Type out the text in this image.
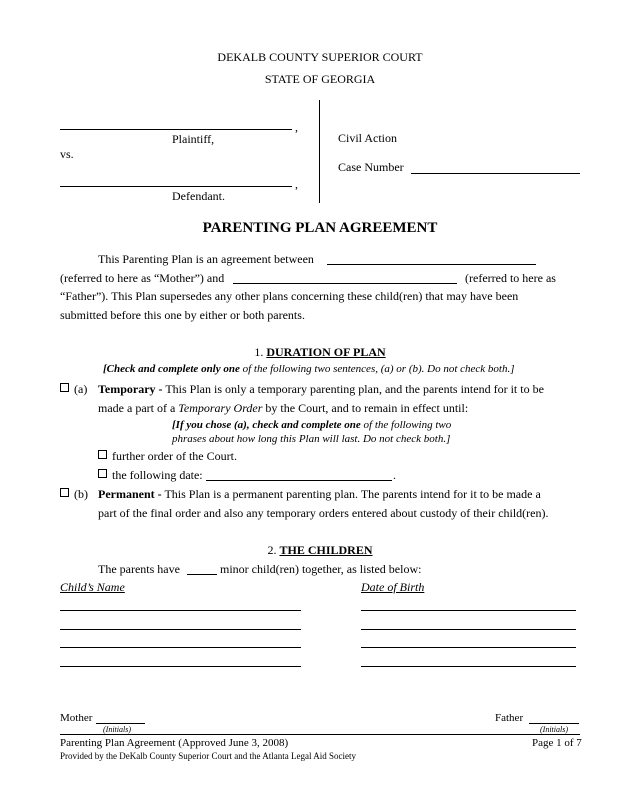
DEKALB COUNTY SUPERIOR COURT
STATE OF GEORGIA
,
Plaintiff,
vs.
,
Defendant.
Civil Action
Case Number
PARENTING PLAN AGREEMENT
This Parenting Plan is an agreement between
(referred to here as “Mother”) and	(referred to here as
“Father”). This Plan supersedes any other plans concerning these child(ren) that may have been
submitted before this one by either or both parents.
1. DURATION OF PLAN
[Check and complete only one of the following two sentences, (a) or (b). Do not check both.]
(a) Temporary - This Plan is only a temporary parenting plan, and the parents intend for it to be
made a part of a Temporary Order by the Court, and to remain in effect until:
[If you chose (a), check and complete one of the following two
phrases about how long this Plan will last. Do not check both.]
further order of the Court.
the following date:	.
(b) Permanent - This Plan is a permanent parenting plan. The parents intend for it to be made a
part of the final order and also any temporary orders entered about custody of their child(ren).
2. THE CHILDREN
The parents have	minor child(ren) together, as listed below:
Child’s Name	Date of Birth
Mother
(Initials)
Father
(Initials)
Parenting Plan Agreement (Approved June 3, 2008)	Page 1 of 7
Provided by the DeKalb County Superior Court and the Atlanta Legal Aid Society
